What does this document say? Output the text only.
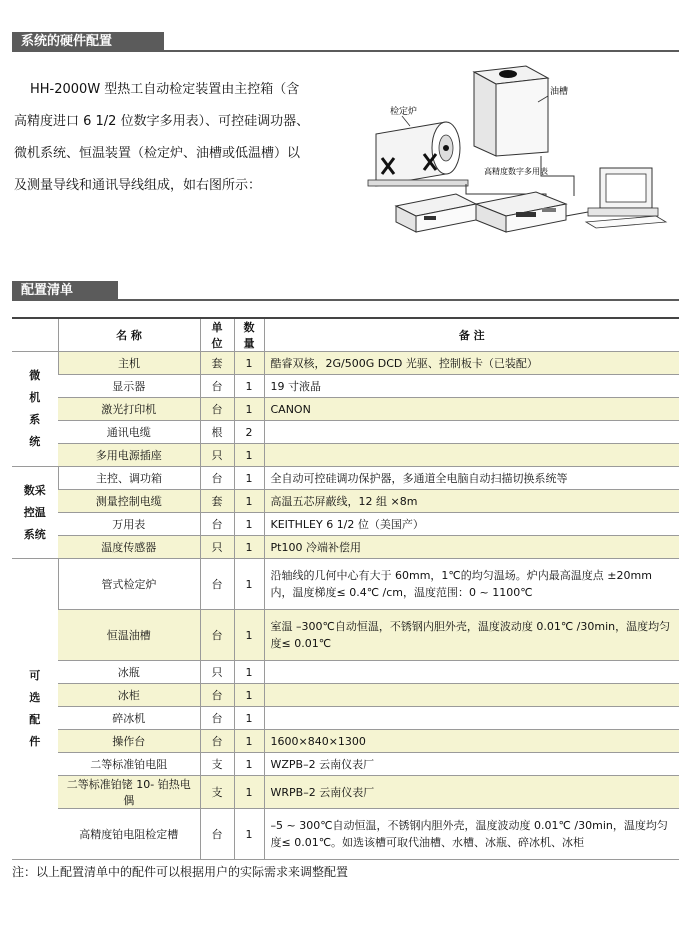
系统的硬件配置

HH-2000W 型热工自动检定装置由主控箱（含

高精度进口 6 1/2 位数字多用表）、可控硅调功器、

微机系统、恒温装置（检定炉、油槽或低温槽）以

及测量导线和通讯导线组成，如右图所示：

油槽
检定炉
高精度数字多用表
配置清单
	名 称	单位	数量	备 注
微
机
系
统	主机	套	1	酷睿双核，2G/500G DCD 光驱、控制板卡（已装配）
	显示器	台	1	19 寸液晶
	激光打印机	台	1	CANON
	通讯电缆	根	2	
	多用电源插座	只	1	
数采
控温
系统	主控、调功箱	台	1	全自动可控硅调功保护器，多通道全电脑自动扫描切换系统等
	测量控制电缆	套	1	高温五芯屏蔽线，12 组 ×8m
	万用表	台	1	KEITHLEY 6 1/2 位（美国产）
	温度传感器	只	1	Pt100 冷端补偿用
可
选
配
件	管式检定炉	台	1	沿轴线的几何中心有大于 60mm，1℃的均匀温场。炉内最高温度点 ±20mm 内，温度梯度≤ 0.4℃ /cm，温度范围：0 ~ 1100℃
	恒温油槽	台	1	室温 –300℃自动恒温，不锈钢内胆外壳，温度波动度 0.01℃ /30min，温度均匀度≤ 0.01℃
	冰瓶	只	1	
	冰柜	台	1	
	碎冰机	台	1	
	操作台	台	1	1600×840×1300
	二等标准铂电阻	支	1	WZPB–2 云南仪表厂
	二等标准铂铑 10- 铂热电偶	支	1	WRPB–2 云南仪表厂
	高精度铂电阻检定槽	台	1	–5 ~ 300℃自动恒温，不锈钢内胆外壳，温度波动度 0.01℃ /30min，温度均匀度≤ 0.01℃。如选该槽可取代油槽、水槽、冰瓶、碎冰机、冰柜
注：以上配置清单中的配件可以根据用户的实际需求来调整配置
